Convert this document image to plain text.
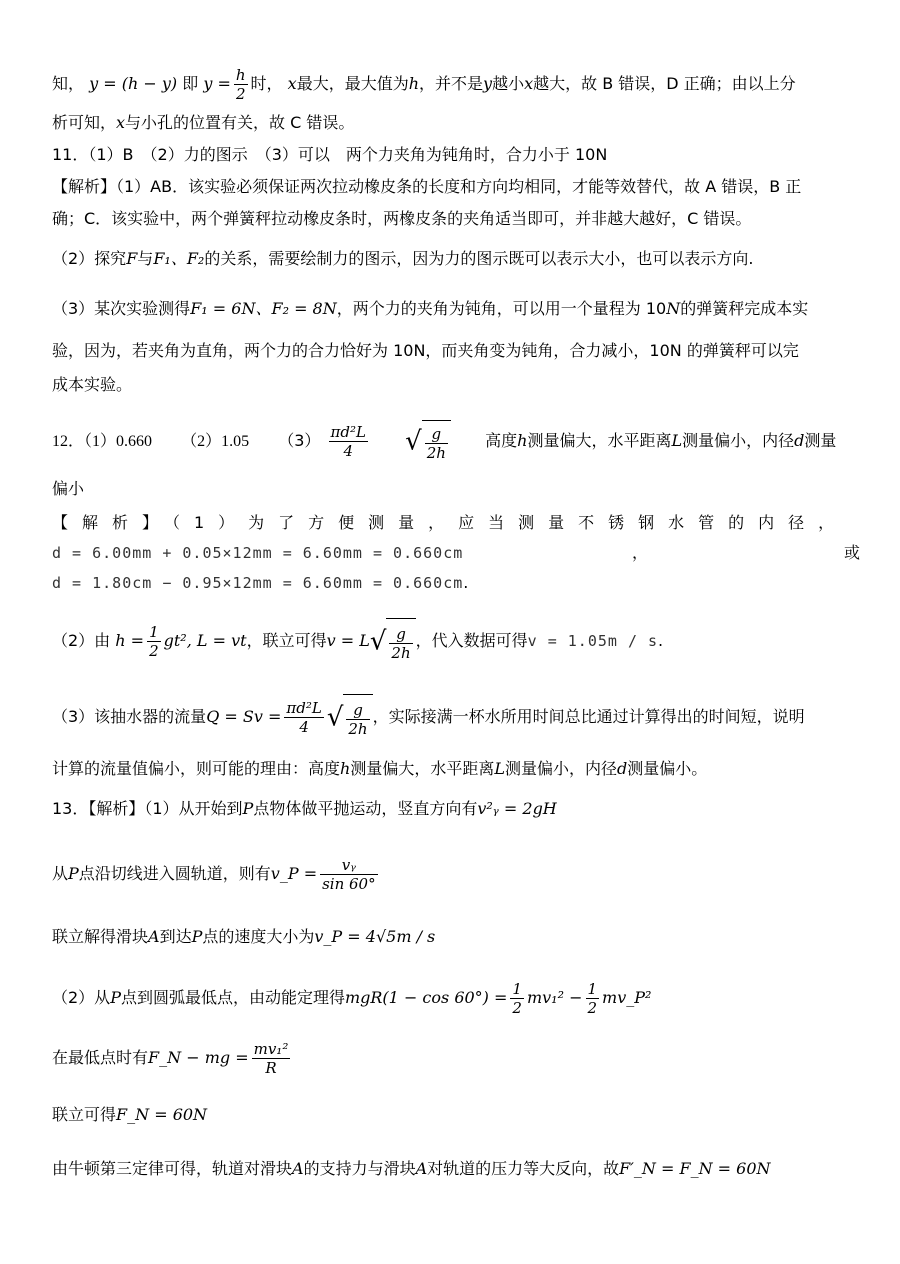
知， y = (h − y) 即 $y = \frac{h}{2}$ 时， x最大，最大值为h，并不是y越小x越大，故 B 错误，D 正确；由以上分
析可知，x与小孔的位置有关，故 C 错误。
11．（1）B　（2）力的图示　（3）可以　两个力夹角为钝角时，合力小于 10N
【解析】（1）AB．该实验必须保证两次拉动橡皮条的长度和方向均相同，才能等效替代，故 A 错误，B 正
确；C．该实验中，两个弹簧秤拉动橡皮条时，两橡皮条的夹角适当即可，并非越大越好，C 错误。
（2）探究F与F₁、F₂的关系，需要绘制力的图示，因为力的图示既可以表示大小，也可以表示方向.
（3）某次实验测得F₁ = 6N、F₂ = 8N，两个力的夹角为钝角，可以用一个量程为 10N的弹簧秤完成本实
验，因为，若夹角为直角，两个力的合力恰好为 10N，而夹角变为钝角，合力减小，10N 的弹簧秤可以完
成本实验。
12．（1）0.660 （2）1.05 $(3) \frac{\text{πd²L}}{4}$ √ $\frac{g}{2h}$ 高度h测量偏大，水平距离L测量偏小，内径d测量
偏小
【解析】（1）为了方便测量，应当测量不锈钢水管的内径，
d = 6.00mm + 0.05×12mm = 6.60mm = 0.660cm	，	或
d = 1.80cm − 0.95×12mm = 6.60mm = 0.660cm.
（2）由 $h = \frac{1}{2} gt^2$, L = vt，联立可得$v = L√ \frac{g}{2h}$ ，代入数据可得v = 1.05m / s.
（3）该抽水器的流量$Q = Sv = \frac{\text{πd²L}}{4}$ √ $\frac{g}{2h}$ ，实际接满一杯水所用时间总比通过计算得出的时间短，说明
计算的流量值偏小，则可能的理由：高度h测量偏大，水平距离L测量偏小，内径d测量偏小。
13．【解析】（1）从开始到P点物体做平抛运动，竖直方向有v²ᵧ = 2gH
从P点沿切线进入圆轨道，则有v_P = $\frac{\text{vᵧ}}{\sin 60^\circ}$
联立解得滑块A到达P点的速度大小为v_P = 4√5m / s
（2）从P点到圆弧最低点，由动能定理得$mgR(1 - \cos 60^\circ) = \frac{1}{2} mv_1^2 - \frac{1}{2}$ mv_P²
在最低点时有F_N − mg = $\frac{\text{mv₁²}}{R}$
联立可得F_N = 60N
由牛顿第三定律可得，轨道对滑块A的支持力与滑块A对轨道的压力等大反向，故F′_N = F_N = 60N
